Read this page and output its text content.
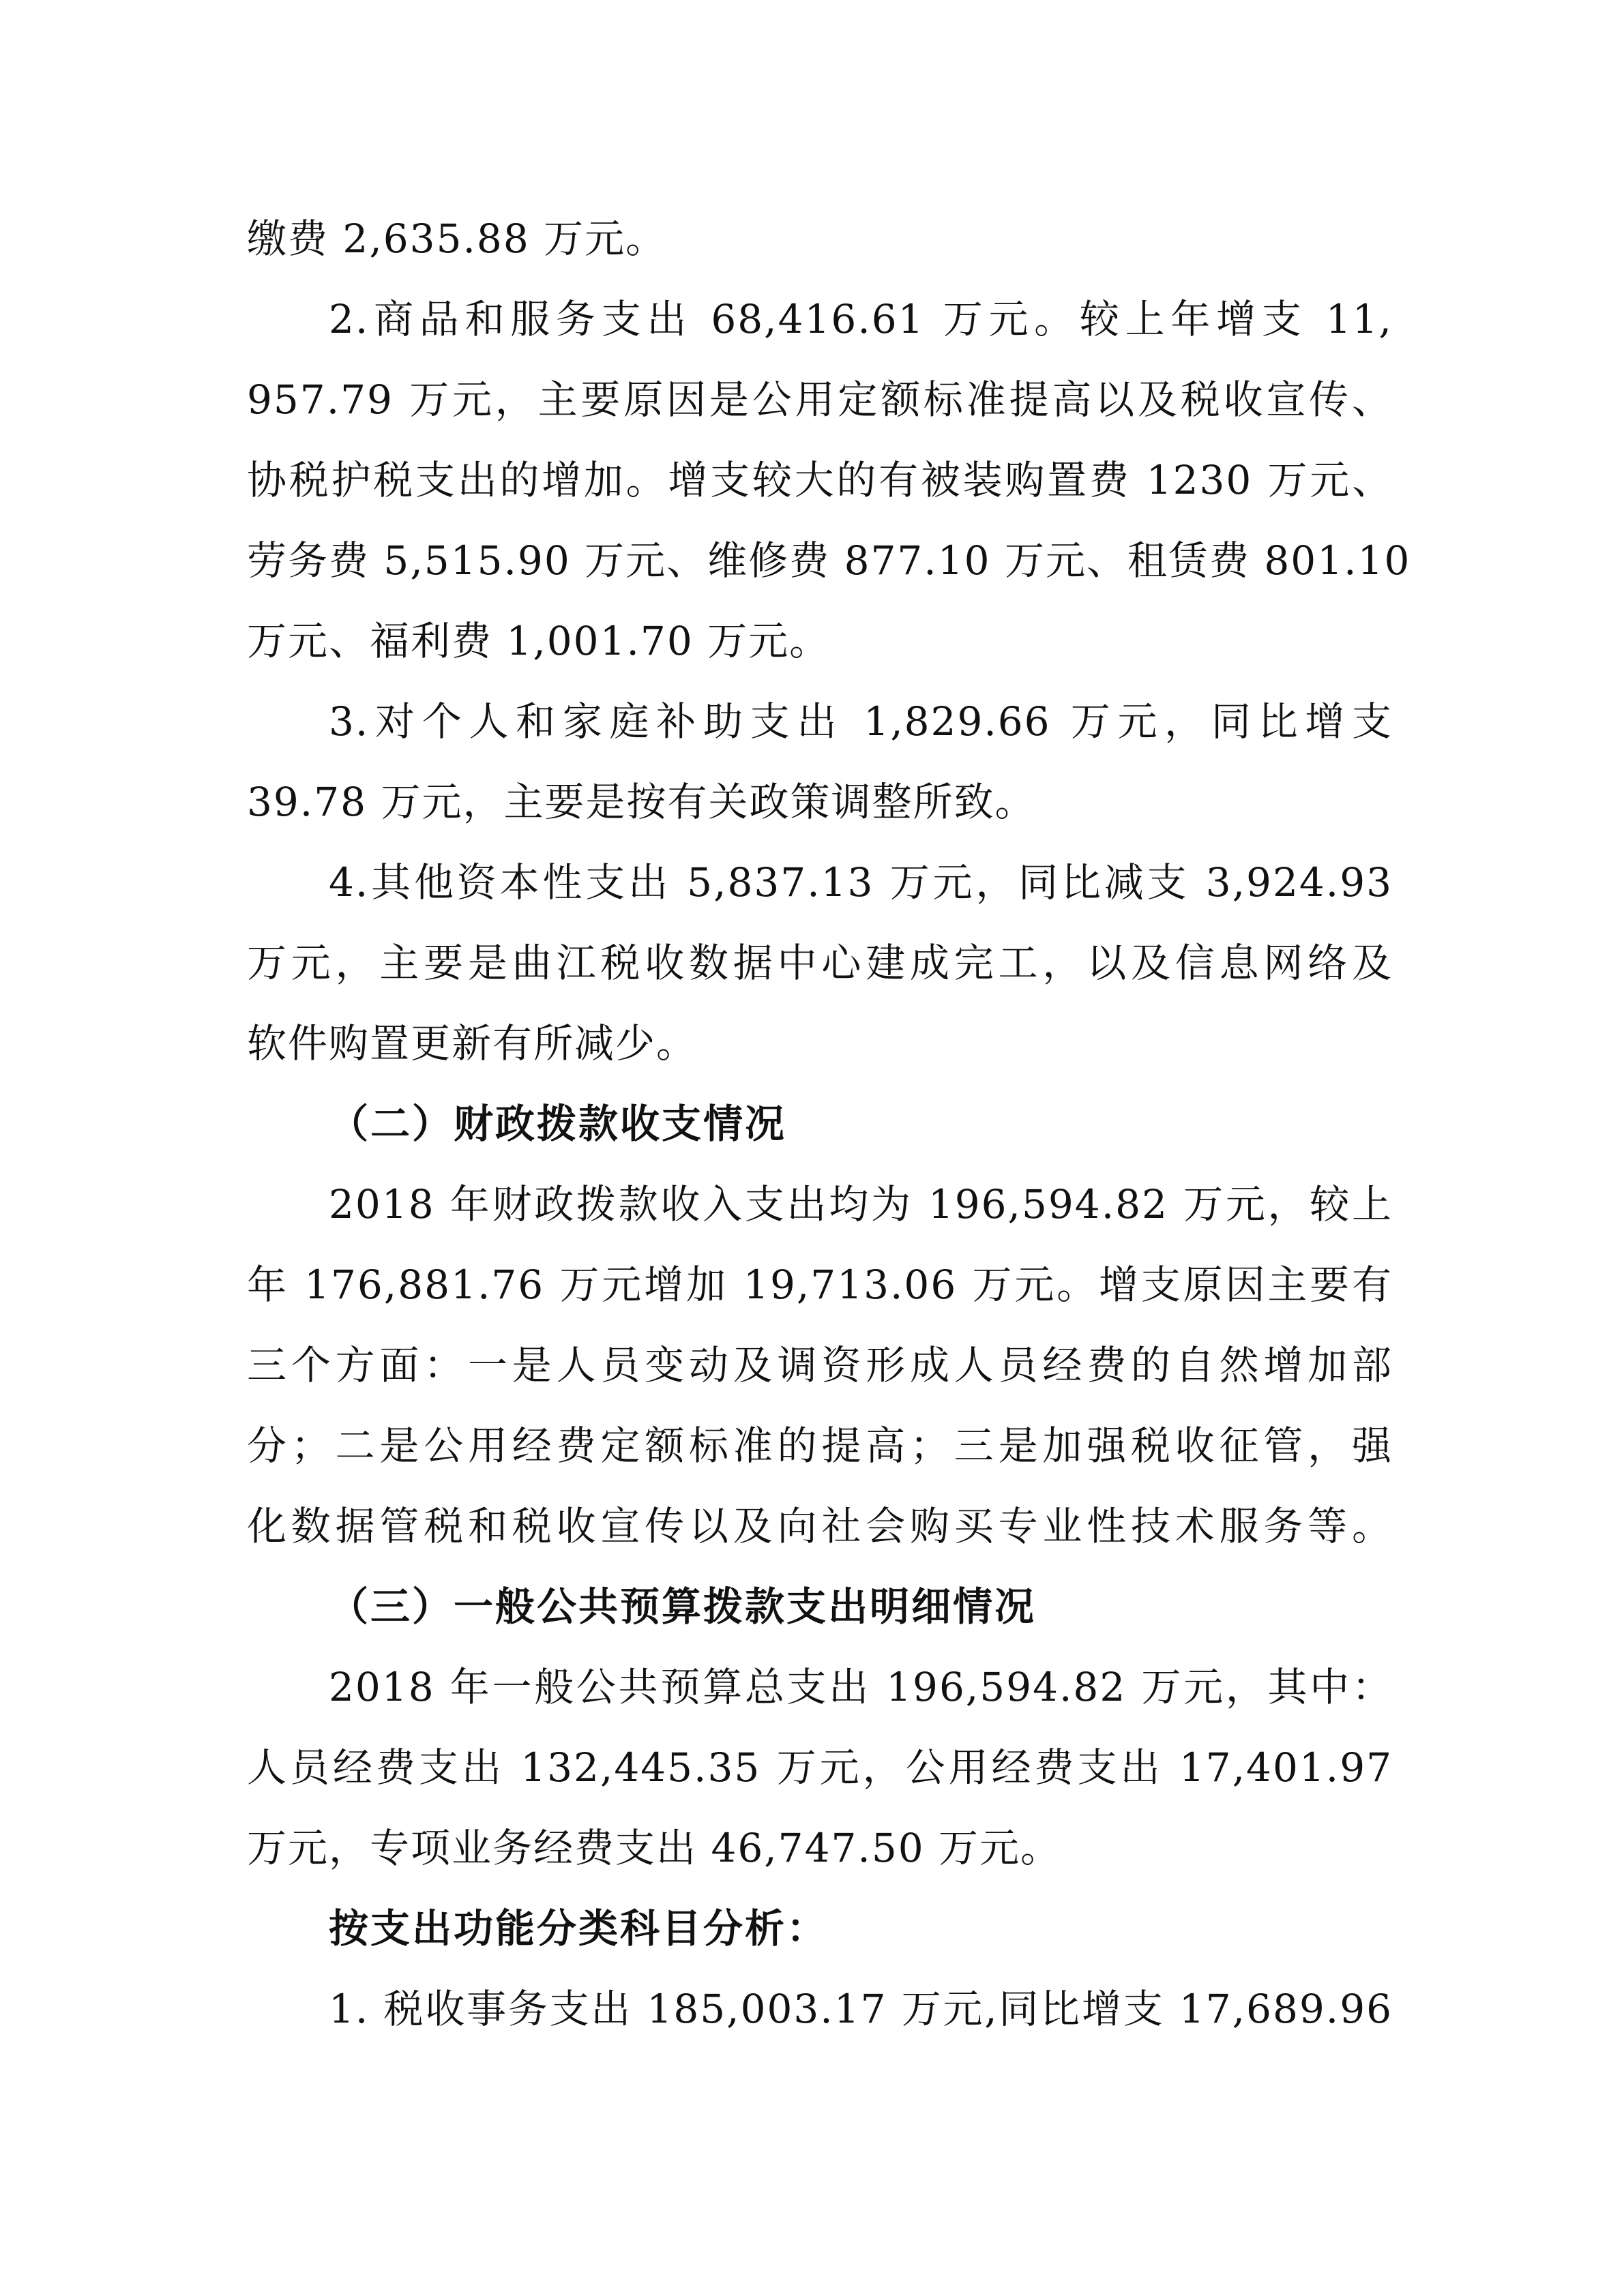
缴费 2,635.88 万元。
2.商品和服务支出 68,416.61 万元。较上年增支 11,
957.79 万元，主要原因是公用定额标准提高以及税收宣传、
协税护税支出的增加。增支较大的有被装购置费 1230 万元、
劳务费 5,515.90 万元、维修费 877.10 万元、租赁费 801.10
万元、福利费 1,001.70 万元。
3.对个人和家庭补助支出 1,829.66 万元，同比增支
39.78 万元，主要是按有关政策调整所致。
4.其他资本性支出 5,837.13 万元，同比减支 3,924.93
万元，主要是曲江税收数据中心建成完工，以及信息网络及
软件购置更新有所减少。
（二）财政拨款收支情况
2018 年财政拨款收入支出均为 196,594.82 万元，较上
年 176,881.76 万元增加 19,713.06 万元。增支原因主要有
三个方面：一是人员变动及调资形成人员经费的自然增加部
分；二是公用经费定额标准的提高；三是加强税收征管，强
化数据管税和税收宣传以及向社会购买专业性技术服务等。
（三）一般公共预算拨款支出明细情况
2018 年一般公共预算总支出 196,594.82 万元，其中：
人员经费支出 132,445.35 万元，公用经费支出 17,401.97
万元，专项业务经费支出 46,747.50 万元。
按支出功能分类科目分析：
1. 税收事务支出 185,003.17 万元,同比增支 17,689.96
